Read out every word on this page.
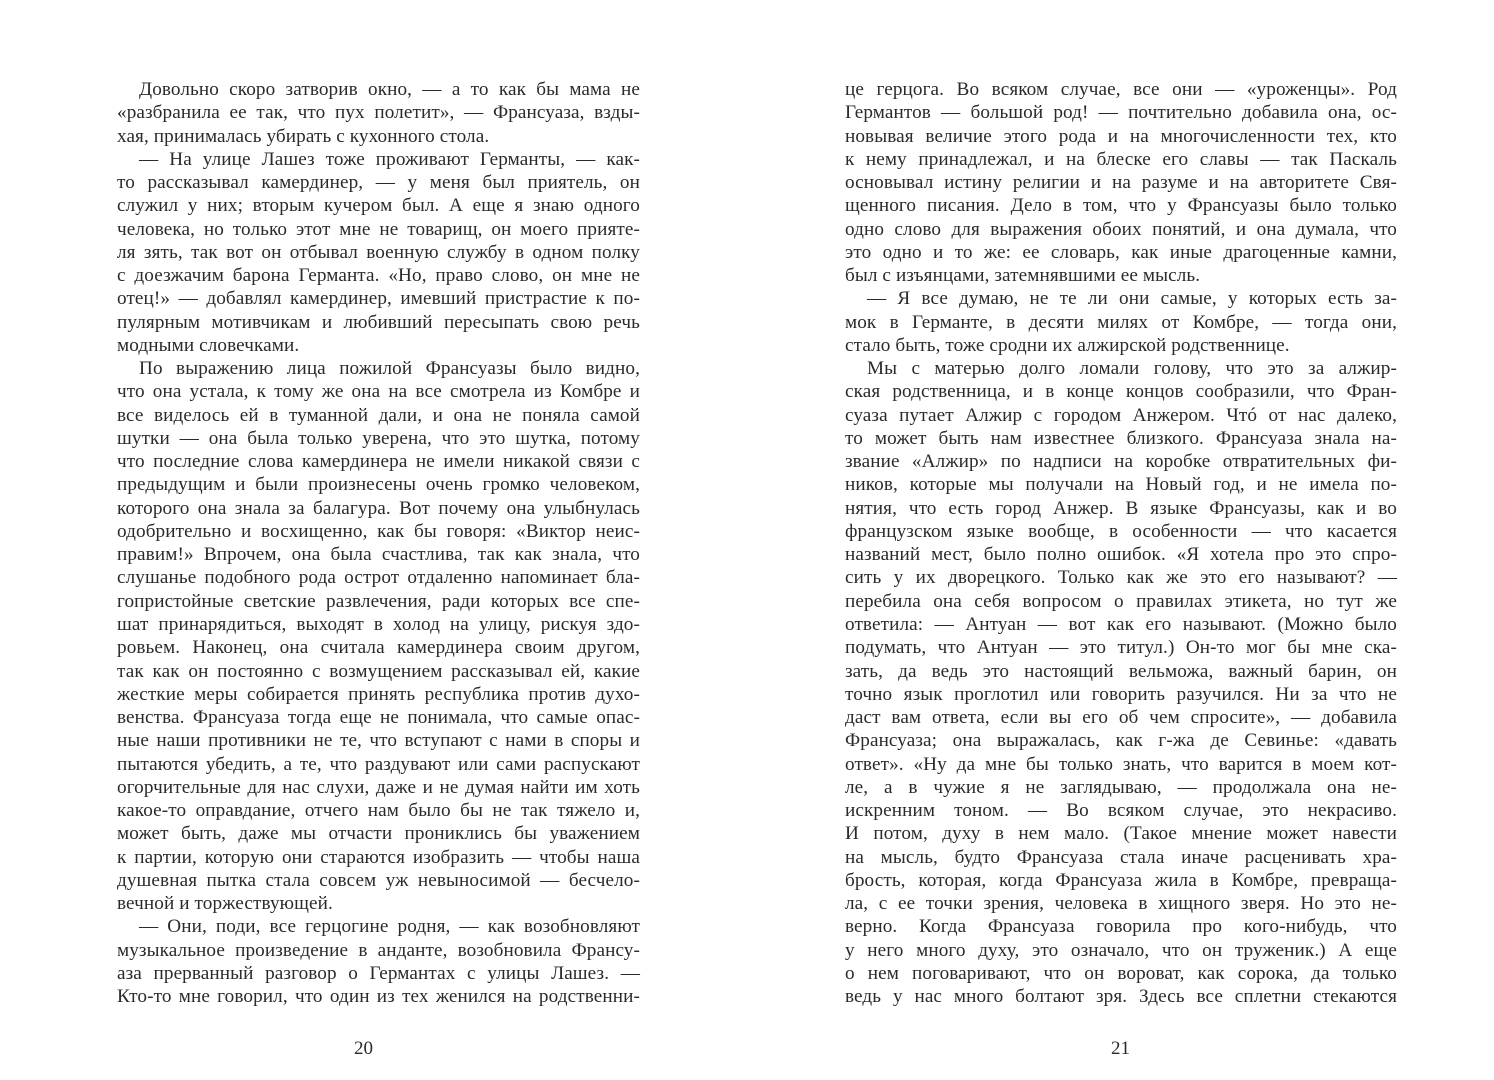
Довольно скоро затворив окно, — а то как бы мама не
«разбранила ее так, что пух полетит», — Франсуаза, взды-
хая, принималась убирать с кухонного стола.
— На улице Лашез тоже проживают Германты, — как-
то рассказывал камердинер, — у меня был приятель, он
служил у них; вторым кучером был. А еще я знаю одного
человека, но только этот мне не товарищ, он моего прияте-
ля зять, так вот он отбывал военную службу в одном полку
с доезжачим барона Германта. «Но, право слово, он мне не
отец!» — добавлял камердинер, имевший пристрастие к по-
пулярным мотивчикам и любивший пересыпать свою речь
модными словечками.
По выражению лица пожилой Франсуазы было видно,
что она устала, к тому же она на все смотрела из Комбре и
все виделось ей в туманной дали, и она не поняла самой
шутки — она была только уверена, что это шутка, потому
что последние слова камердинера не имели никакой связи с
предыдущим и были произнесены очень громко человеком,
которого она знала за балагура. Вот почему она улыбнулась
одобрительно и восхищенно, как бы говоря: «Виктор неис-
правим!» Впрочем, она была счастлива, так как знала, что
слушанье подобного рода острот отдаленно напоминает бла-
гопристойные светские развлечения, ради которых все спе-
шат принарядиться, выходят в холод на улицу, рискуя здо-
ровьем. Наконец, она считала камердинера своим другом,
так как он постоянно с возмущением рассказывал ей, какие
жесткие меры собирается принять республика против духо-
венства. Франсуаза тогда еще не понимала, что самые опас-
ные наши противники не те, что вступают с нами в споры и
пытаются убедить, а те, что раздувают или сами распускают
огорчительные для нас слухи, даже и не думая найти им хоть
какое-то оправдание, отчего нам было бы не так тяжело и,
может быть, даже мы отчасти прониклись бы уважением
к партии, которую они стараются изобразить — чтобы наша
душевная пытка стала совсем уж невыносимой — бесчело-
вечной и торжествующей.
— Они, поди, все герцогине родня, — как возобновляют
музыкальное произведение в анданте, возобновила Франсу-
аза прерванный разговор о Германтах с улицы Лашез. —
Кто-то мне говорил, что один из тех женился на родственни-
20
це герцога. Во всяком случае, все они — «уроженцы». Род
Германтов — большой род! — почтительно добавила она, ос-
новывая величие этого рода и на многочисленности тех, кто
к нему принадлежал, и на блеске его славы — так Паскаль
основывал истину религии и на разуме и на авторитете Свя-
щенного писания. Дело в том, что у Франсуазы было только
одно слово для выражения обоих понятий, и она думала, что
это одно и то же: ее словарь, как иные драгоценные камни,
был с изъянцами, затемнявшими ее мысль.
— Я все думаю, не те ли они самые, у которых есть за-
мок в Германте, в десяти милях от Комбре, — тогда они,
стало быть, тоже сродни их алжирской родственнице.
Мы с матерью долго ломали голову, что это за алжир-
ская родственница, и в конце концов сообразили, что Фран-
суаза путает Алжир с городом Анжером. Чтó от нас далеко,
то может быть нам известнее близкого. Франсуаза знала на-
звание «Алжир» по надписи на коробке отвратительных фи-
ников, которые мы получали на Новый год, и не имела по-
нятия, что есть город Анжер. В языке Франсуазы, как и во
французском языке вообще, в особенности — что касается
названий мест, было полно ошибок. «Я хотела про это спро-
сить у их дворецкого. Только как же это его называют? —
перебила она себя вопросом о правилах этикета, но тут же
ответила: — Антуан — вот как его называют. (Можно было
подумать, что Антуан — это титул.) Он-то мог бы мне ска-
зать, да ведь это настоящий вельможа, важный барин, он
точно язык проглотил или говорить разучился. Ни за что не
даст вам ответа, если вы его об чем спросите», — добавила
Франсуаза; она выражалась, как г-жа де Севинье: «давать
ответ». «Ну да мне бы только знать, что варится в моем кот-
ле, а в чужие я не заглядываю, — продолжала она не-
искренним тоном. — Во всяком случае, это некрасиво.
И потом, духу в нем мало. (Такое мнение может навести
на мысль, будто Франсуаза стала иначе расценивать хра-
брость, которая, когда Франсуаза жила в Комбре, превраща-
ла, с ее точки зрения, человека в хищного зверя. Но это не-
верно. Когда Франсуаза говорила про кого-нибудь, что
у него много духу, это означало, что он труженик.) А еще
о нем поговаривают, что он вороват, как сорока, да только
ведь у нас много болтают зря. Здесь все сплетни стекаются
21
